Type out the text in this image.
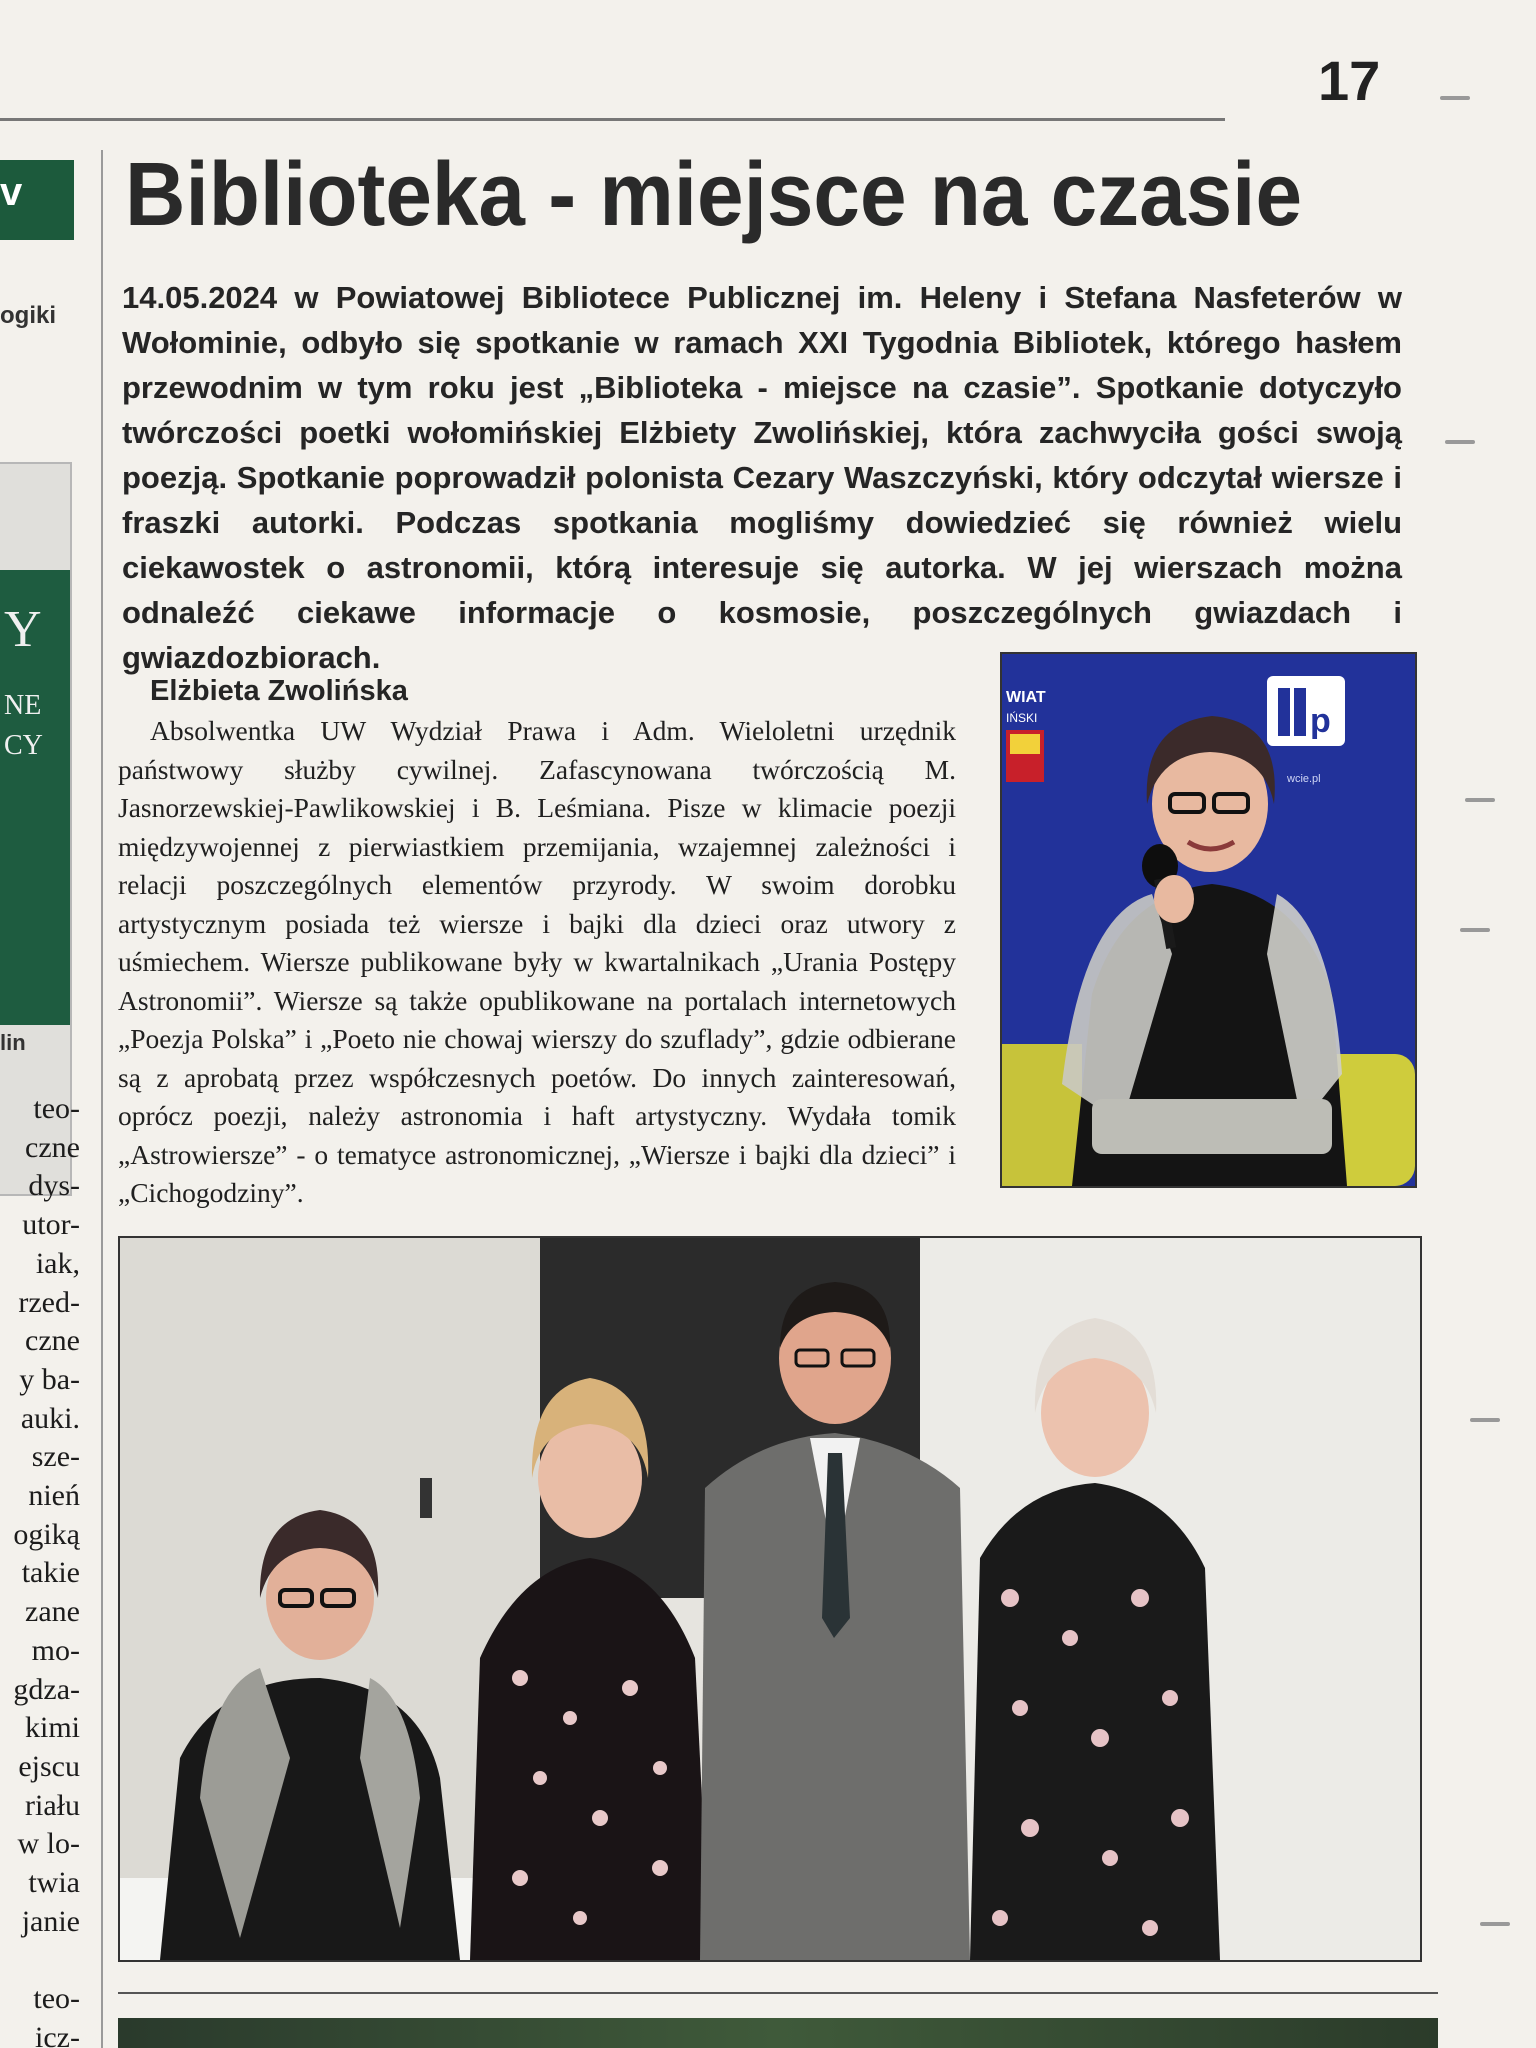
17
v
ogiki
Y
NE
CY
lin
teo-
czne
dys-
utor-
iak,
rzed-
czne
y ba-
auki.
sze-
nień
ogiką
takie
zane
mo-
gdza-
kimi
ejscu
riału
w lo-
twia
janie

teo-
icz-
Biblioteka - miejsce na czasie

14.05.2024 w Powiatowej Bibliotece Publicznej im. Heleny i Stefana Nasfeterów w Wołominie, odbyło się spotkanie w ramach XXI Tygodnia Bibliotek, którego hasłem przewodnim w tym roku jest „Biblioteka - miejsce na czasie”. Spotkanie dotyczyło twórczości poetki wołomińskiej Elżbiety Zwolińskiej, która zachwyciła gości swoją poezją. Spotkanie poprowadził polonista Cezary Waszczyński, który odczytał wiersze i fraszki autorki. Podczas spotkania mogliśmy dowiedzieć się również wielu ciekawostek o astronomii, którą interesuje się autorka. W jej wierszach można odnaleźć ciekawe informacje o kosmosie, poszczególnych gwiazdach i gwiazdozbiorach.

Elżbieta Zwolińska

Absolwentka UW Wydział Prawa i Adm. Wieloletni urzędnik państwowy służby cywilnej. Zafascynowana twórczością M. Jasnorzewskiej-Pawlikowskiej i B. Leśmiana. Pisze w klimacie poezji międzywojennej z pierwiastkiem przemijania, wzajemnej zależności i relacji poszczególnych elementów przyrody. W swoim dorobku artystycznym posiada też wiersze i bajki dla dzieci oraz utwory z uśmiechem. Wiersze publikowane były w kwartalnikach „Urania Postępy Astronomii”. Wiersze są także opublikowane na portalach internetowych „Poezja Polska” i „Poeto nie chowaj wierszy do szuflady”, gdzie odbierane są z aprobatą przez współczesnych poetów. Do innych zainteresowań, oprócz poezji, należy astronomia i haft artystyczny. Wydała tomik „Astrowiersze” - o tematyce astronomicznej, „Wiersze i bajki dla dzieci” i „Cichogodziny”.

WIAT
IŃSKI	p
wcie.pl
